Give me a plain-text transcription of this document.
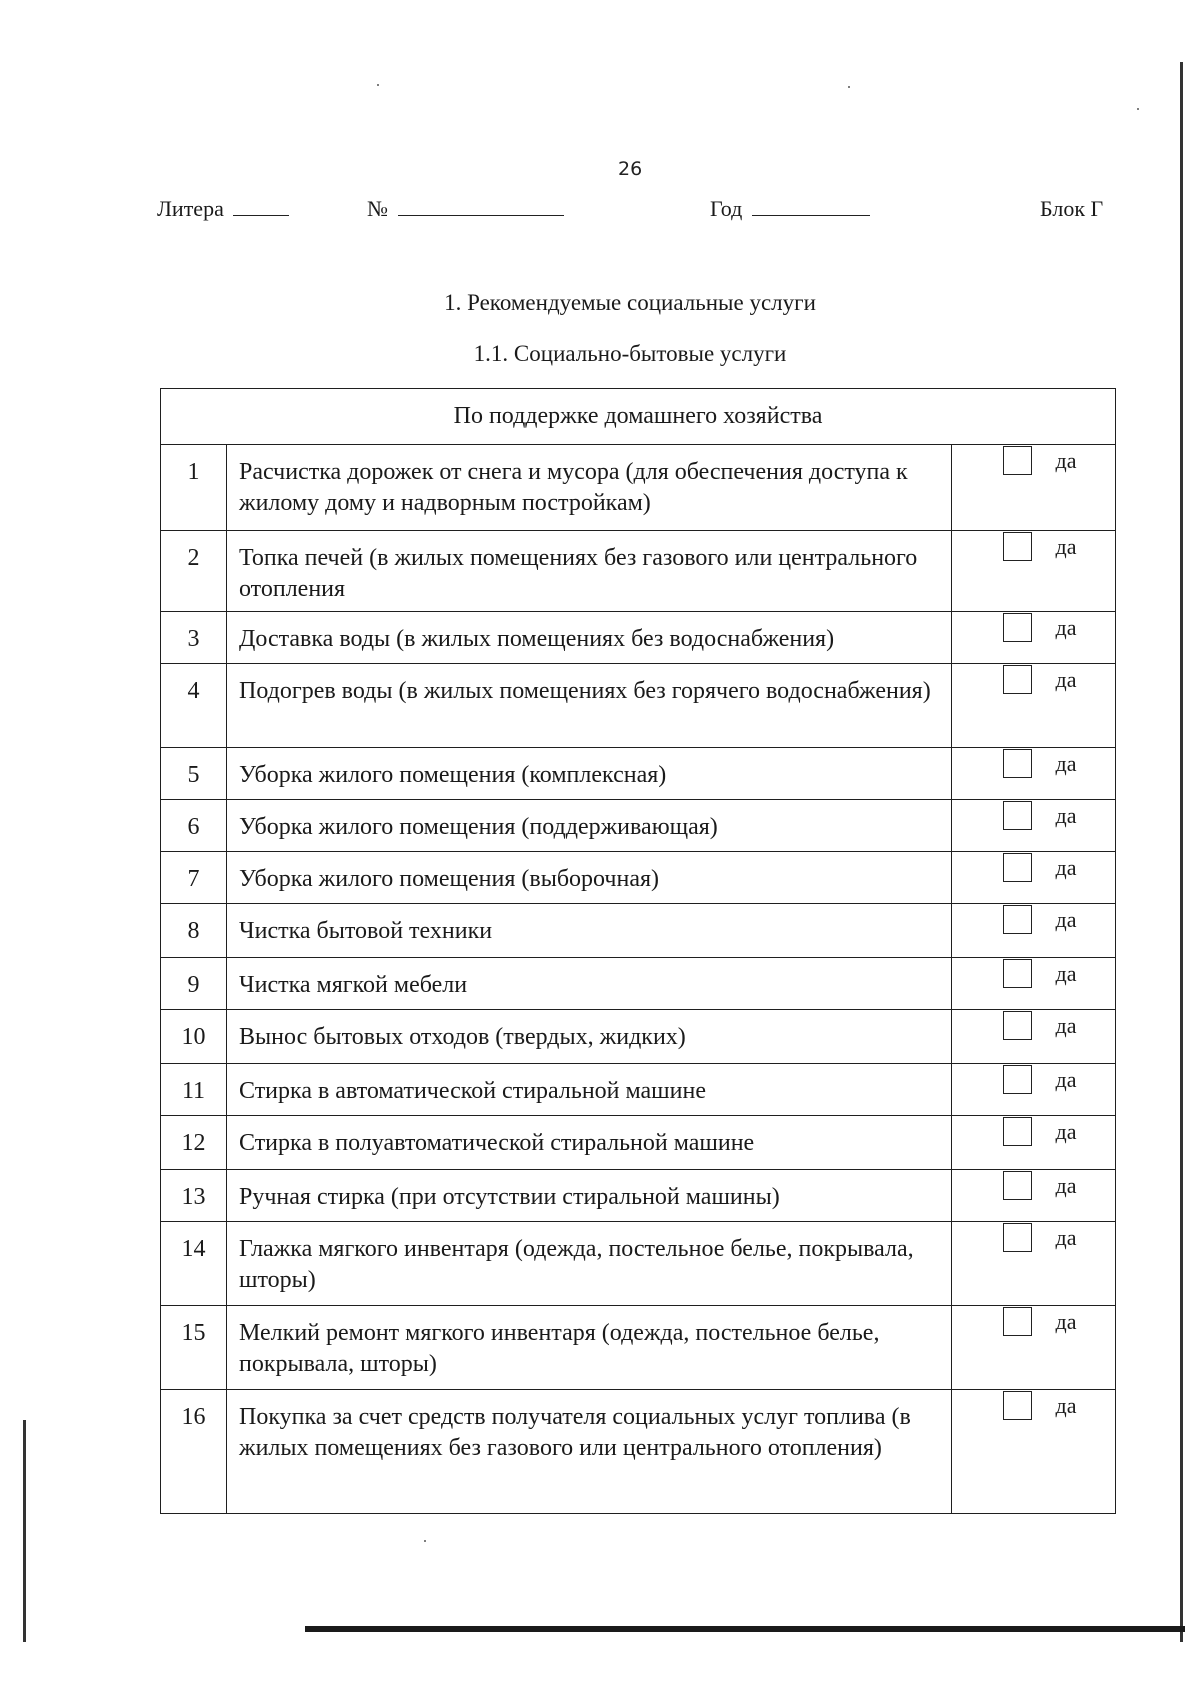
26
Литера	№	Год	Блок Г
1. Рекомендуемые социальные услуги
1.1. Социально-бытовые услуги
По поддержке домашнего хозяйства		
1	Расчистка дорожек от снега и мусора (для обеспечения доступа к жилому дому и надворным постройкам)	да

2	Топка печей (в жилых помещениях без газового или центрального отопления	да

3	Доставка воды (в жилых помещениях без водоснабжения)	да

4	Подогрев воды (в жилых помещениях без горячего водоснабжения)	да

5	Уборка жилого помещения (комплексная)	да

6	Уборка жилого помещения (поддерживающая)	да

7	Уборка жилого помещения (выборочная)	да

8	Чистка бытовой техники	да

9	Чистка мягкой мебели	да

10	Вынос бытовых отходов (твердых, жидких)	да

11	Стирка в автоматической стиральной машине	да

12	Стирка в полуавтоматической стиральной машине	да

13	Ручная стирка (при отсутствии стиральной машины)	да

14	Глажка мягкого инвентаря (одежда, постельное белье, покрывала, шторы)	да

15	Мелкий ремонт мягкого инвентаря (одежда, постельное белье, покрывала, шторы)	да

16	Покупка за счет средств получателя социальных услуг топлива (в жилых помещениях без газового или центрального отопления)	да
